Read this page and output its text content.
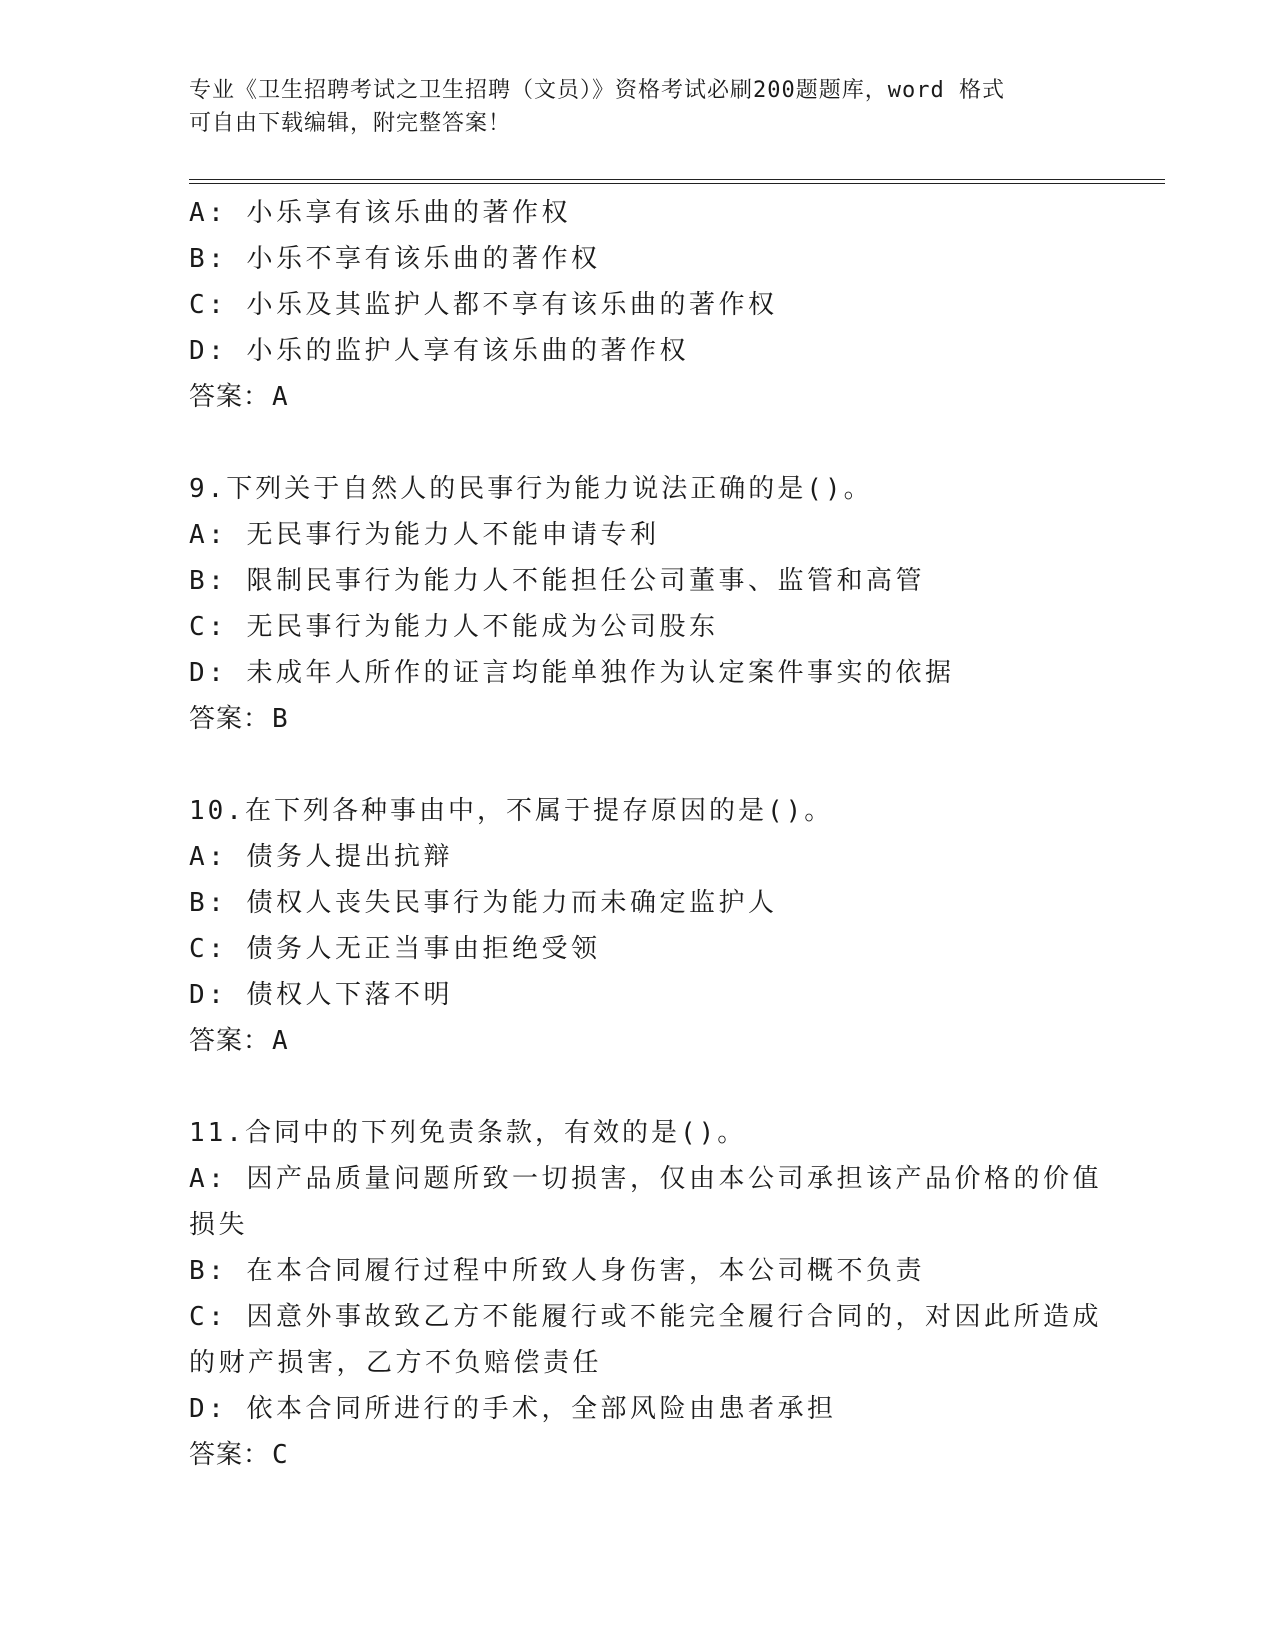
专业《卫生招聘考试之卫生招聘（文员）》资格考试必刷200题题库，word 格式
可自由下载编辑，附完整答案！
A: 小乐享有该乐曲的著作权
B: 小乐不享有该乐曲的著作权
C: 小乐及其监护人都不享有该乐曲的著作权
D: 小乐的监护人享有该乐曲的著作权
答案：A
9.下列关于自然人的民事行为能力说法正确的是()。
A: 无民事行为能力人不能申请专利
B: 限制民事行为能力人不能担任公司董事、监管和高管
C: 无民事行为能力人不能成为公司股东
D: 未成年人所作的证言均能单独作为认定案件事实的依据
答案：B
10.在下列各种事由中，不属于提存原因的是()。
A: 债务人提出抗辩
B: 债权人丧失民事行为能力而未确定监护人
C: 债务人无正当事由拒绝受领
D: 债权人下落不明
答案：A
11.合同中的下列免责条款，有效的是()。
A: 因产品质量问题所致一切损害，仅由本公司承担该产品价格的价值
损失
B: 在本合同履行过程中所致人身伤害，本公司概不负责
C: 因意外事故致乙方不能履行或不能完全履行合同的，对因此所造成
的财产损害，乙方不负赔偿责任
D: 依本合同所进行的手术，全部风险由患者承担
答案：C
